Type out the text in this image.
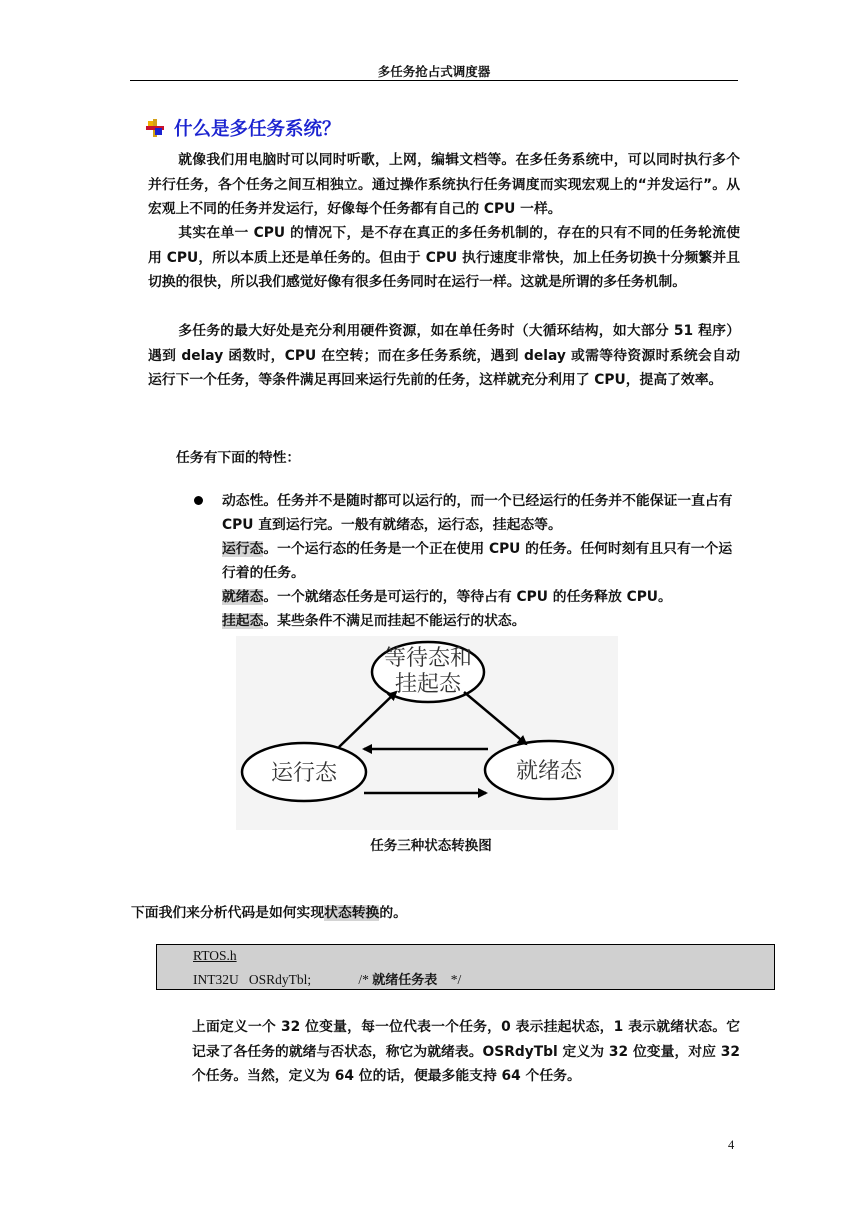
多任务抢占式调度器
什么是多任务系统？
就像我们用电脑时可以同时听歌，上网，编辑文档等。在多任务系统中，可以同时执行多个并行任务，各个任务之间互相独立。通过操作系统执行任务调度而实现宏观上的“并发运行”。从宏观上不同的任务并发运行，好像每个任务都有自己的 CPU 一样。
其实在单一 CPU 的情况下，是不存在真正的多任务机制的，存在的只有不同的任务轮流使用 CPU，所以本质上还是单任务的。但由于 CPU 执行速度非常快，加上任务切换十分频繁并且切换的很快，所以我们感觉好像有很多任务同时在运行一样。这就是所谓的多任务机制。
多任务的最大好处是充分利用硬件资源，如在单任务时（大循环结构，如大部分 51 程序）遇到 delay 函数时，CPU 在空转；而在多任务系统，遇到 delay 或需等待资源时系统会自动运行下一个任务，等条件满足再回来运行先前的任务，这样就充分利用了 CPU，提高了效率。
任务有下面的特性：
动态性。任务并不是随时都可以运行的，而一个已经运行的任务并不能保证一直占有 CPU 直到运行完。一般有就绪态，运行态，挂起态等。
运行态。一个运行态的任务是一个正在使用 CPU 的任务。任何时刻有且只有一个运行着的任务。
就绪态。一个就绪态任务是可运行的，等待占有 CPU 的任务释放 CPU。
挂起态。某些条件不满足而挂起不能运行的状态。
等待态和
挂起态
运行态	就绪态
任务三种状态转换图
下面我们来分析代码是如何实现状态转换的。
RTOS.h
INT32U OSRdyTbl;	/* 就绪任务表 */
上面定义一个 32 位变量，每一位代表一个任务，0 表示挂起状态，1 表示就绪状态。它记录了各任务的就绪与否状态，称它为就绪表。OSRdyTbl 定义为 32 位变量，对应 32 个任务。当然，定义为 64 位的话，便最多能支持 64 个任务。
4
